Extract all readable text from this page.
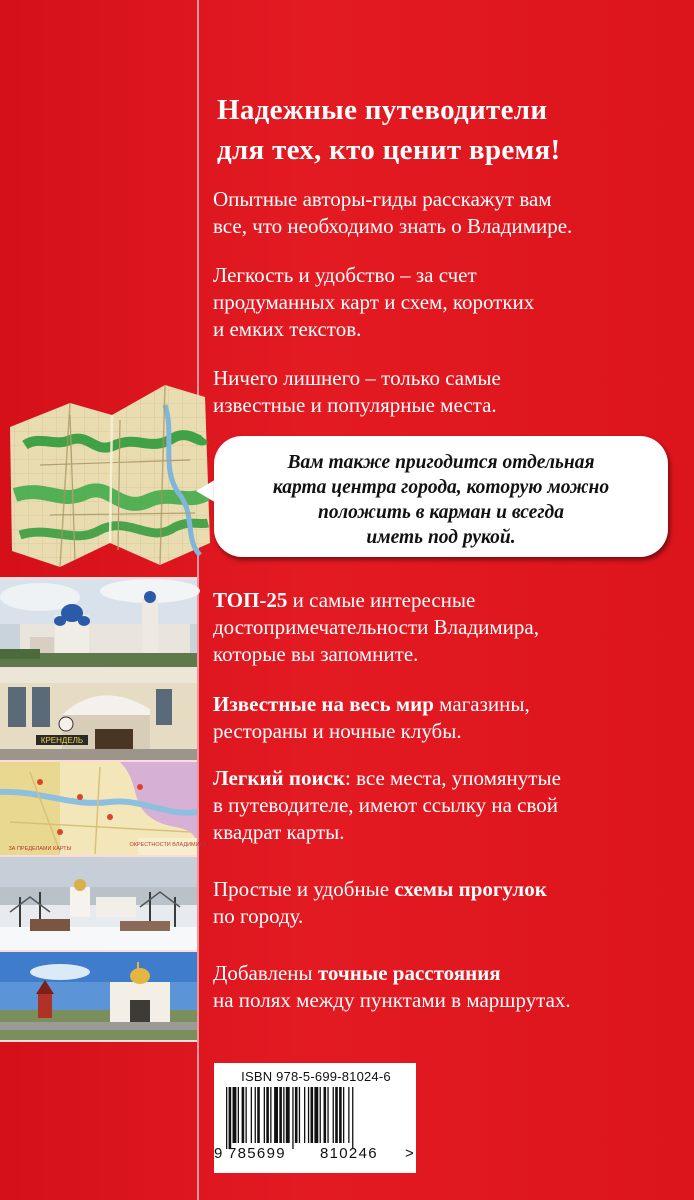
Надежные путеводители
для тех, кто ценит время!

Опытные авторы-гиды расскажут вам
все, что необходимо знать о Владимире.

Легкость и удобство – за счет
продуманных карт и схем, коротких
и емких текстов.

Ничего лишнего – только самые
известные и популярные места.

Вам также пригодится отдельная
карта центра города, которую можно
положить в карман и всегда
иметь под рукой.

КРЕНДЕЛЬ
ОКРЕСТНОСТИ ВЛАДИМИРА
ЗА ПРЕДЕЛАМИ КАРТЫ

ТОП-25 и самые интересные
достопримечательности Владимира,
которые вы запомните.

Известные на весь мир магазины,
рестораны и ночные клубы.

Легкий поиск: все места, упомянутые
в путеводителе, имеют ссылку на свой
квадрат карты.

Простые и удобные схемы прогулок
по городу.

Добавлены точные расстояния
на полях между пунктами в маршрутах.

ISBN 978-5-699-81024-6

9 785699 810246 >
